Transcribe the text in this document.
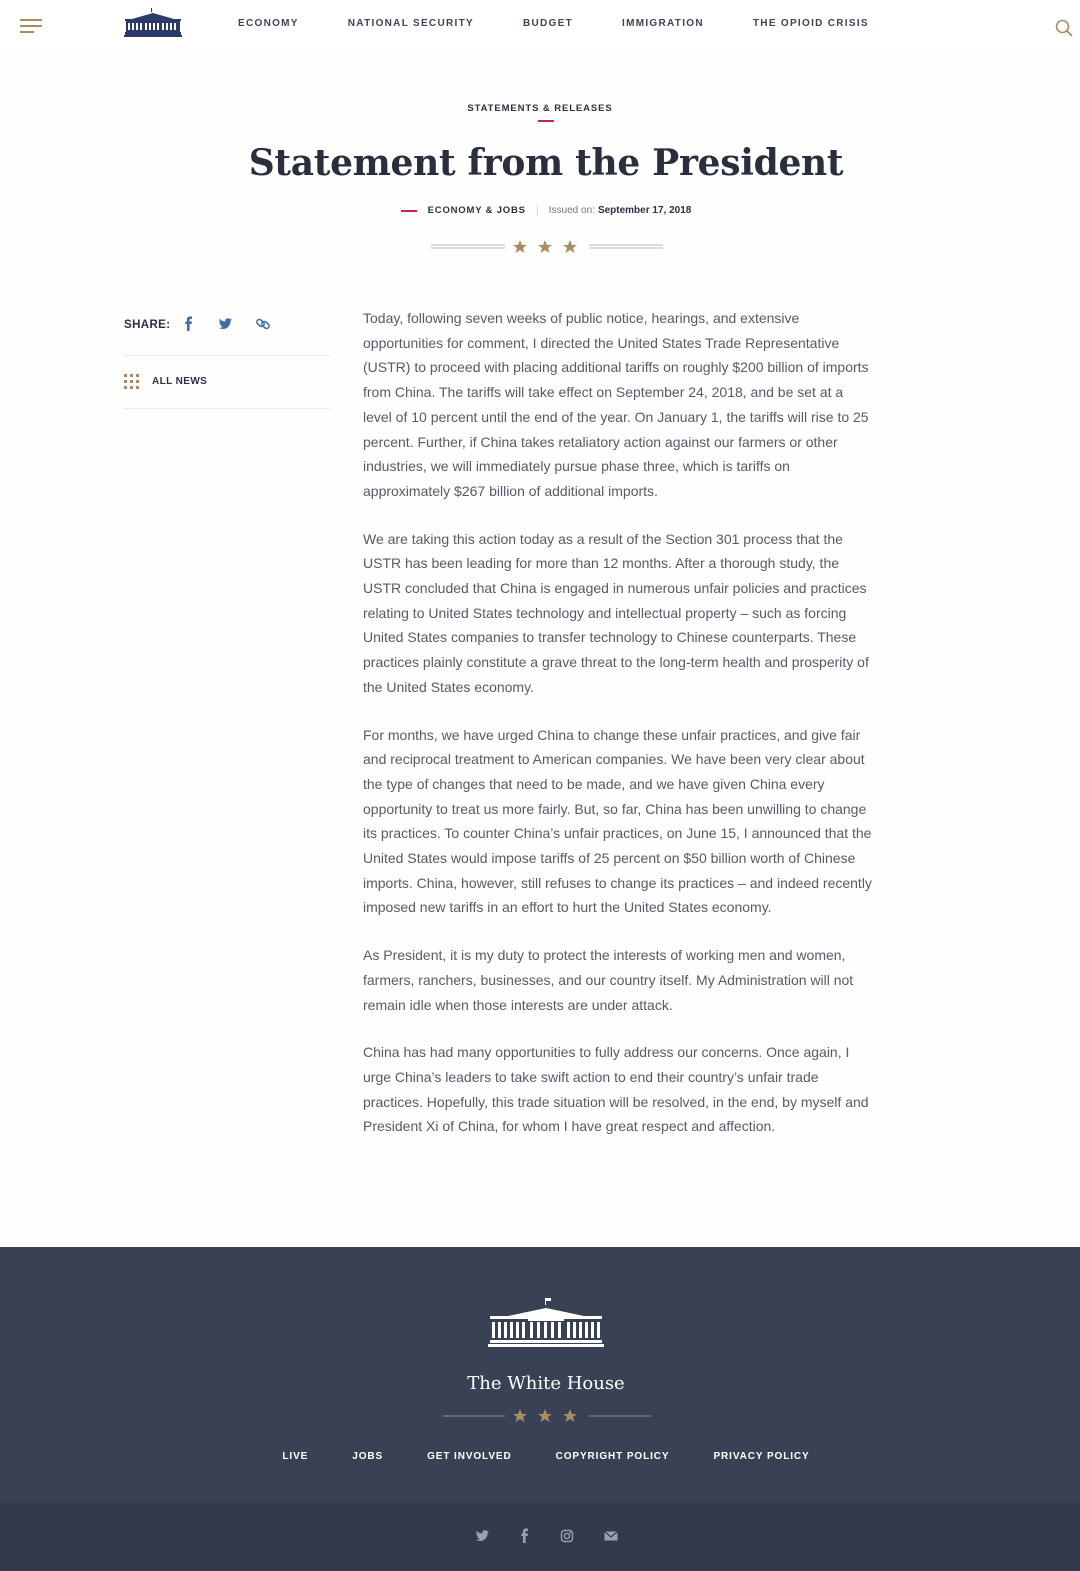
ECONOMY	NATIONAL SECURITY	BUDGET	IMMIGRATION	THE OPIOID CRISIS
STATEMENTS & RELEASES
Statement from the President
ECONOMY & JOBS Issued on: September 17, 2018
SHARE:
ALL NEWS

Today, following seven weeks of public notice, hearings, and extensive opportunities for comment, I directed the United States Trade Representative (USTR) to proceed with placing additional tariffs on roughly $200 billion of imports from China. The tariffs will take effect on September 24, 2018, and be set at a level of 10 percent until the end of the year. On January 1, the tariffs will rise to 25 percent. Further, if China takes retaliatory action against our farmers or other industries, we will immediately pursue phase three, which is tariffs on approximately $267 billion of additional imports.

We are taking this action today as a result of the Section 301 process that the USTR has been leading for more than 12 months. After a thorough study, the USTR concluded that China is engaged in numerous unfair policies and practices relating to United States technology and intellectual property – such as forcing United States companies to transfer technology to Chinese counterparts. These practices plainly constitute a grave threat to the long-term health and prosperity of the United States economy.

For months, we have urged China to change these unfair practices, and give fair and reciprocal treatment to American companies. We have been very clear about the type of changes that need to be made, and we have given China every opportunity to treat us more fairly. But, so far, China has been unwilling to change its practices. To counter China’s unfair practices, on June 15, I announced that the United States would impose tariffs of 25 percent on $50 billion worth of Chinese imports. China, however, still refuses to change its practices – and indeed recently imposed new tariffs in an effort to hurt the United States economy.

As President, it is my duty to protect the interests of working men and women, farmers, ranchers, businesses, and our country itself. My Administration will not remain idle when those interests are under attack.

China has had many opportunities to fully address our concerns. Once again, I urge China’s leaders to take swift action to end their country’s unfair trade practices. Hopefully, this trade situation will be resolved, in the end, by myself and President Xi of China, for whom I have great respect and affection.

The White House
LIVE	JOBS	GET INVOLVED	COPYRIGHT POLICY	PRIVACY POLICY
